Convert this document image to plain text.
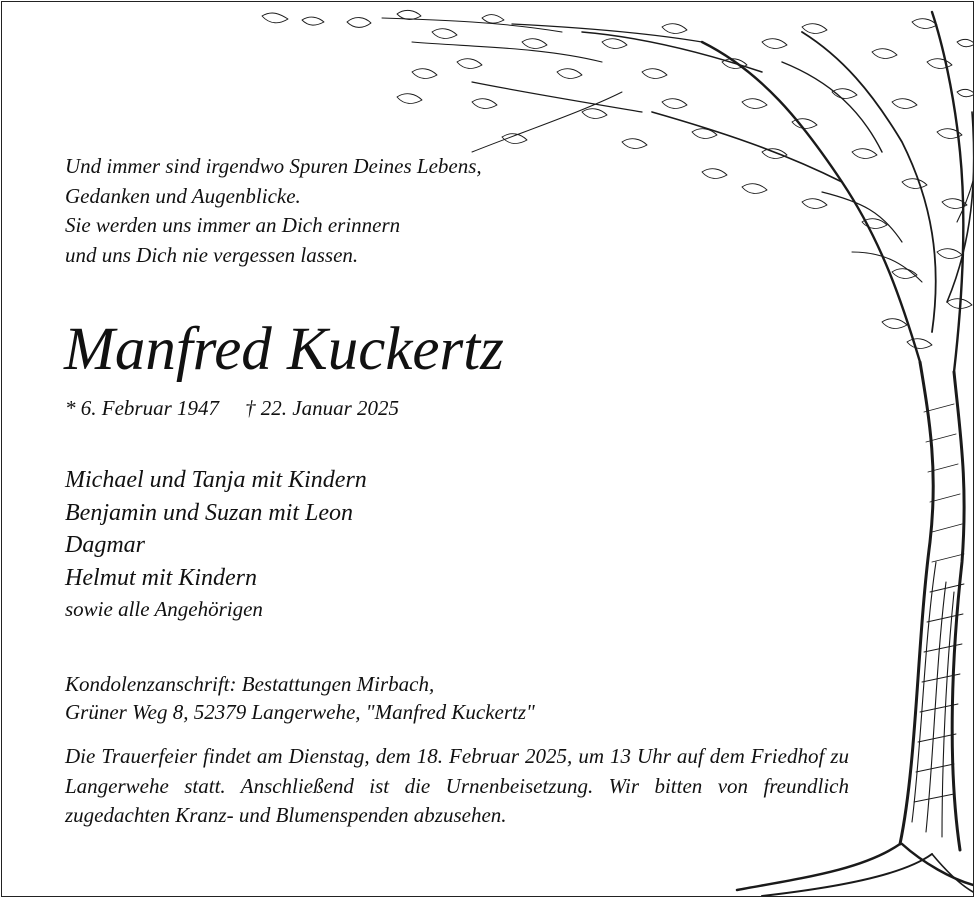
Und immer sind irgendwo Spuren Deines Lebens,
Gedanken und Augenblicke.
Sie werden uns immer an Dich erinnern
und uns Dich nie vergessen lassen.
Manfred Kuckertz
* 6. Februar 1947 † 22. Januar 2025
Michael und Tanja mit Kindern
Benjamin und Suzan mit Leon
Dagmar
Helmut mit Kindern
sowie alle Angehörigen
Kondolenzanschrift: Bestattungen Mirbach,
Grüner Weg 8, 52379 Langerwehe, "Manfred Kuckertz"
Die Trauerfeier findet am Dienstag, dem 18. Februar 2025, um 13 Uhr auf dem Friedhof zu Langerwehe statt. Anschließend ist die Urnenbeisetzung. Wir bitten von freundlich zugedachten Kranz- und Blumenspenden abzusehen.
